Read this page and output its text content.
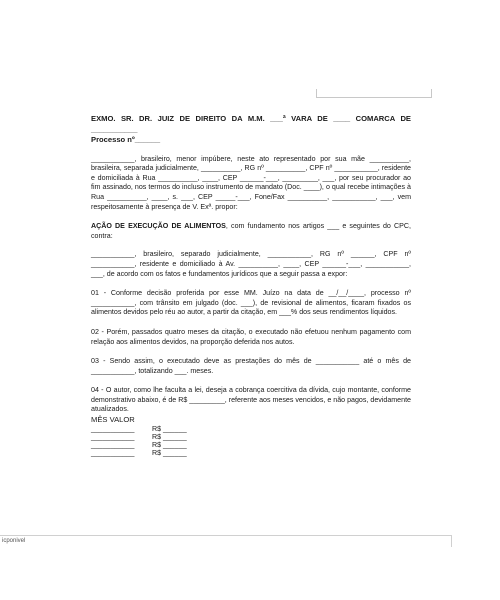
EXMO. SR. DR. JUIZ DE DIREITO DA M.M. ___ª VARA DE ____ COMARCA DE ___________

Processo nº______

___________, brasileiro, menor impúbere, neste ato representado por sua mãe __________, brasileira, separada judicialmente, __________, RG nº __________, CPF nº ___________, residente e domiciliada à Rua __________, ____, CEP ______-___, _________, ___, por seu procurador ao fim assinado, nos termos do incluso instrumento de mandato (Doc. ____), o qual recebe intimações à Rua __________, ____, s. ___, CEP _____-___, Fone/Fax __________, ___________, ___, vem respeitosamente à presença de V. Exª. propor:

AÇÃO DE EXECUÇÃO DE ALIMENTOS, com fundamento nos artigos ___ e seguintes do CPC, contra:

___________, brasileiro, separado judicialmente, ___________, RG nº ______, CPF nº ___________, residente e domiciliado à Av. __________, ____, CEP ______-___, ___________, ___, de acordo com os fatos e fundamentos jurídicos que a seguir passa a expor:

01 - Conforme decisão proferida por esse MM. Juízo na data de __/__/____, processo nº ___________, com trânsito em julgado (doc. ___), de revisional de alimentos, ficaram fixados os alimentos devidos pelo réu ao autor, a partir da citação, em ___% dos seus rendimentos líquidos.

02 - Porém, passados quatro meses da citação, o executado não efetuou nenhum pagamento com relação aos alimentos devidos, na proporção deferida nos autos.

03 - Sendo assim, o executado deve as prestações do mês de ___________ até o mês de ___________, totalizando ___. meses.

04 - O autor, como lhe faculta a lei, deseja a cobrança coercitiva da dívida, cujo montante, conforme demonstrativo abaixo, é de R$ _________, referente aos meses vencidos, e não pagos, devidamente atualizados.

MÊS VALOR

___________	R$ ______
___________	R$ ______
___________	R$ ______
___________	R$ ______
icponivel
